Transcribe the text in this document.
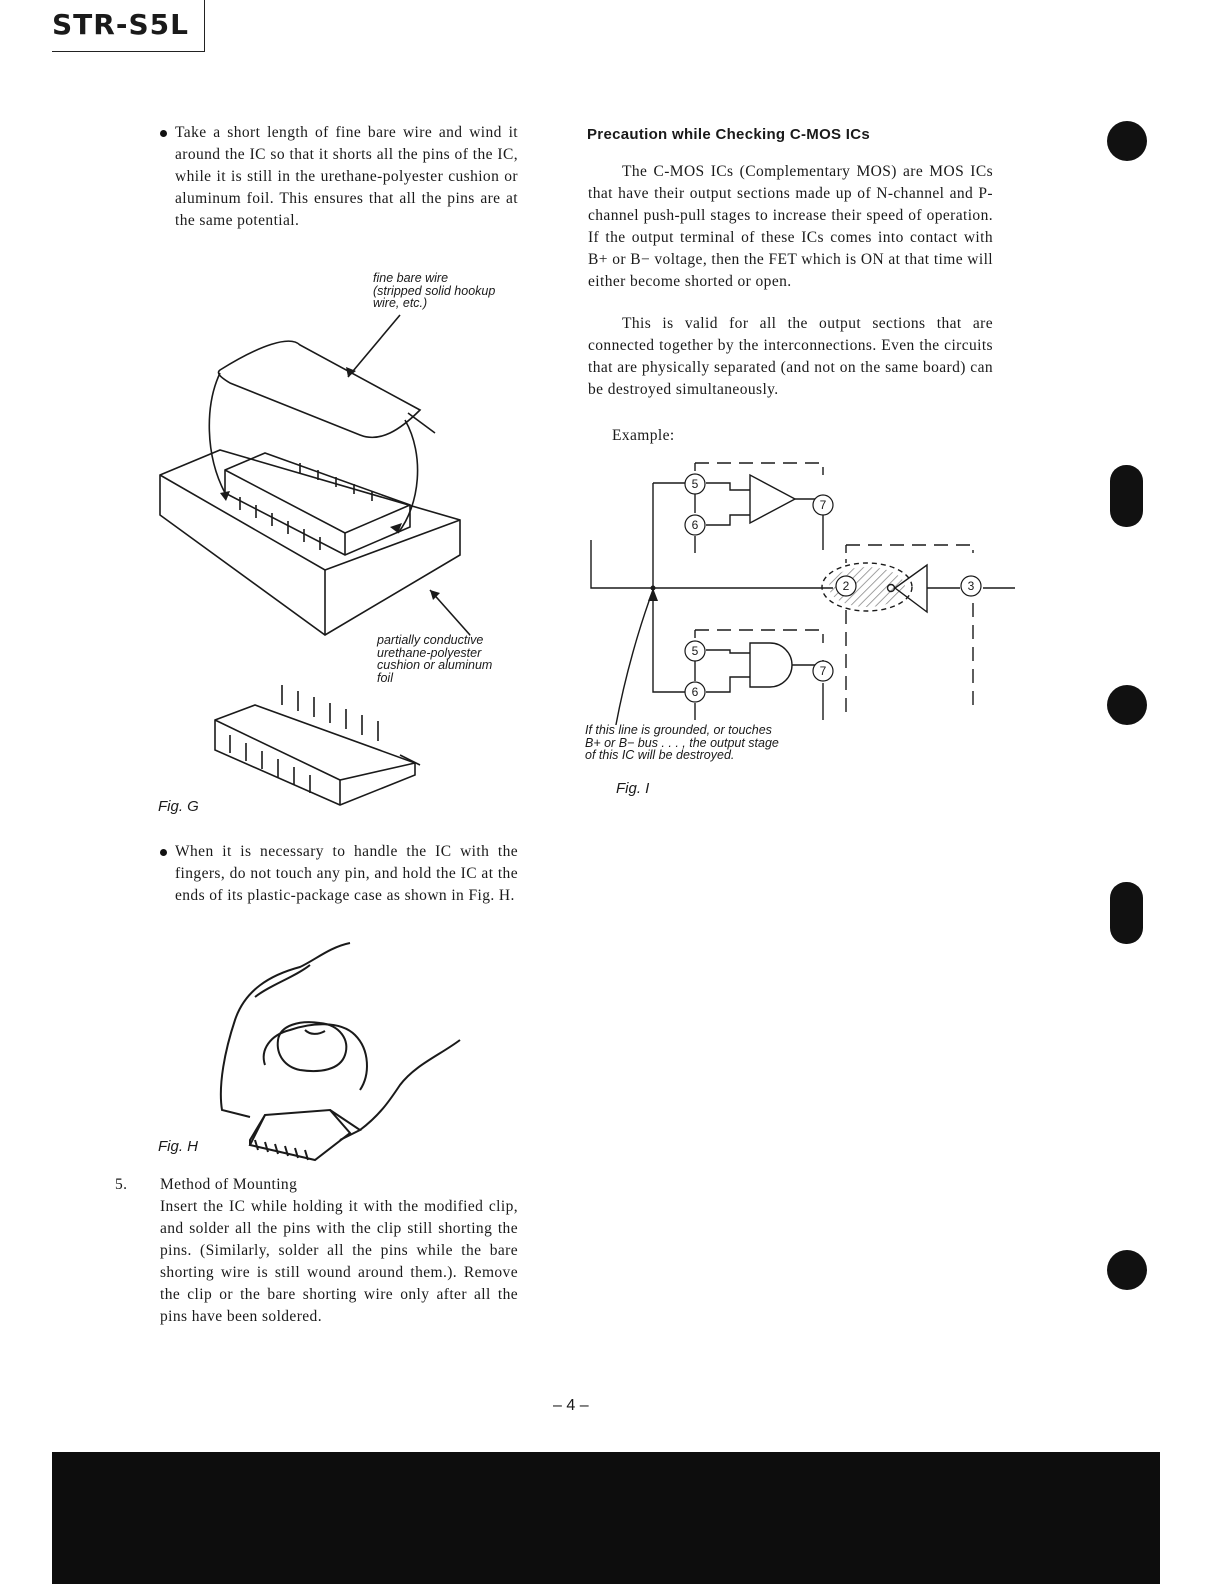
STR-S5L
Take a short length of fine bare wire and wind it around the IC so that it shorts all the pins of the IC, while it is still in the urethane-polyester cushion or aluminum foil. This ensures that all the pins are at the same potential.
fine bare wire
(stripped solid hookup
wire, etc.)
partially conductive
urethane-polyester
cushion or aluminum
foil
Fig. G
When it is necessary to handle the IC with the fingers, do not touch any pin, and hold the IC at the ends of its plastic-package case as shown in Fig. H.
Fig. H
5. Method of Mounting
Insert the IC while holding it with the modified clip, and solder all the pins with the clip still shorting the pins. (Similarly, solder all the pins while the bare shorting wire is still wound around them.). Remove the clip or the bare shorting wire only after all the pins have been soldered.
Precaution while Checking C-MOS ICs
The C-MOS ICs (Complementary MOS) are MOS ICs that have their output sections made up of N-channel and P-channel push-pull stages to increase their speed of operation. If the output terminal of these ICs comes into contact with B+ or B− voltage, then the FET which is ON at that time will either become shorted or open.
This is valid for all the output sections that are connected together by the interconnections. Even the circuits that are physically separated (and not on the same board) can be destroyed simultaneously.
Example:
5
6
7
2	3
5
6
7
If this line is grounded, or touches
B+ or B− bus . . . , the output stage
of this IC will be destroyed.
Fig. I
– 4 –
